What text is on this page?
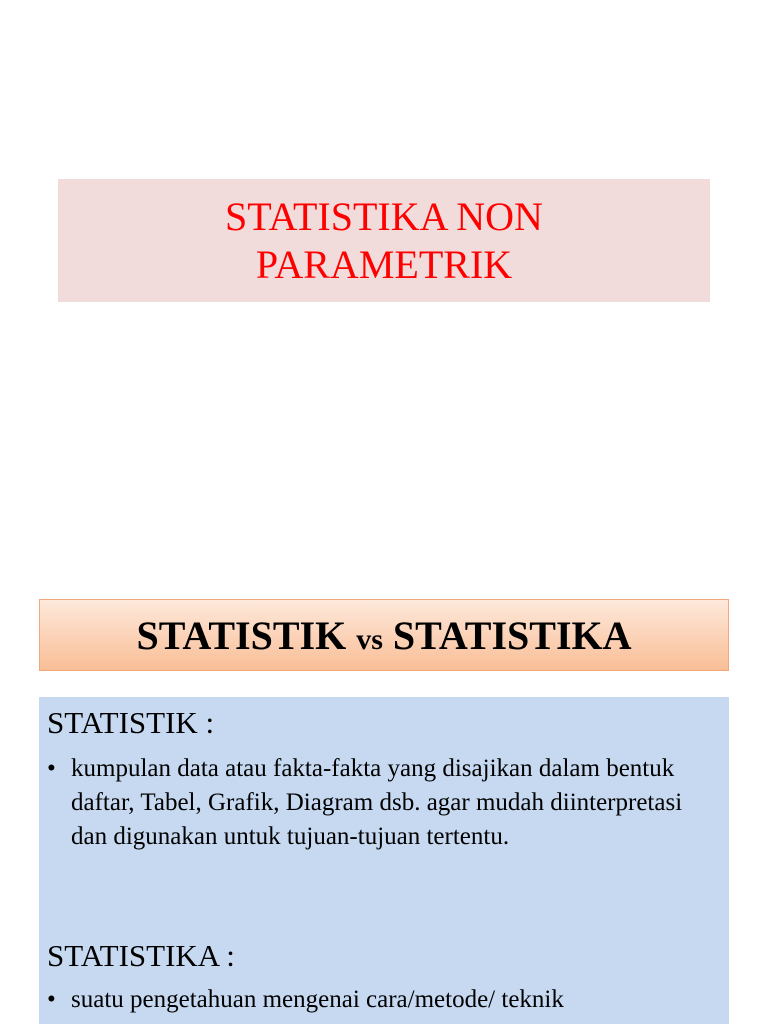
STATISTIKA NON
PARAMETRIK
STATISTIK vs STATISTIKA
STATISTIK :
• kumpulan data atau fakta-fakta yang disajikan dalam bentuk daftar, Tabel, Grafik, Diagram dsb. agar mudah diinterpretasi dan digunakan untuk tujuan-tujuan tertentu.
STATISTIKA :
• suatu pengetahuan mengenai cara/metode/ teknik
